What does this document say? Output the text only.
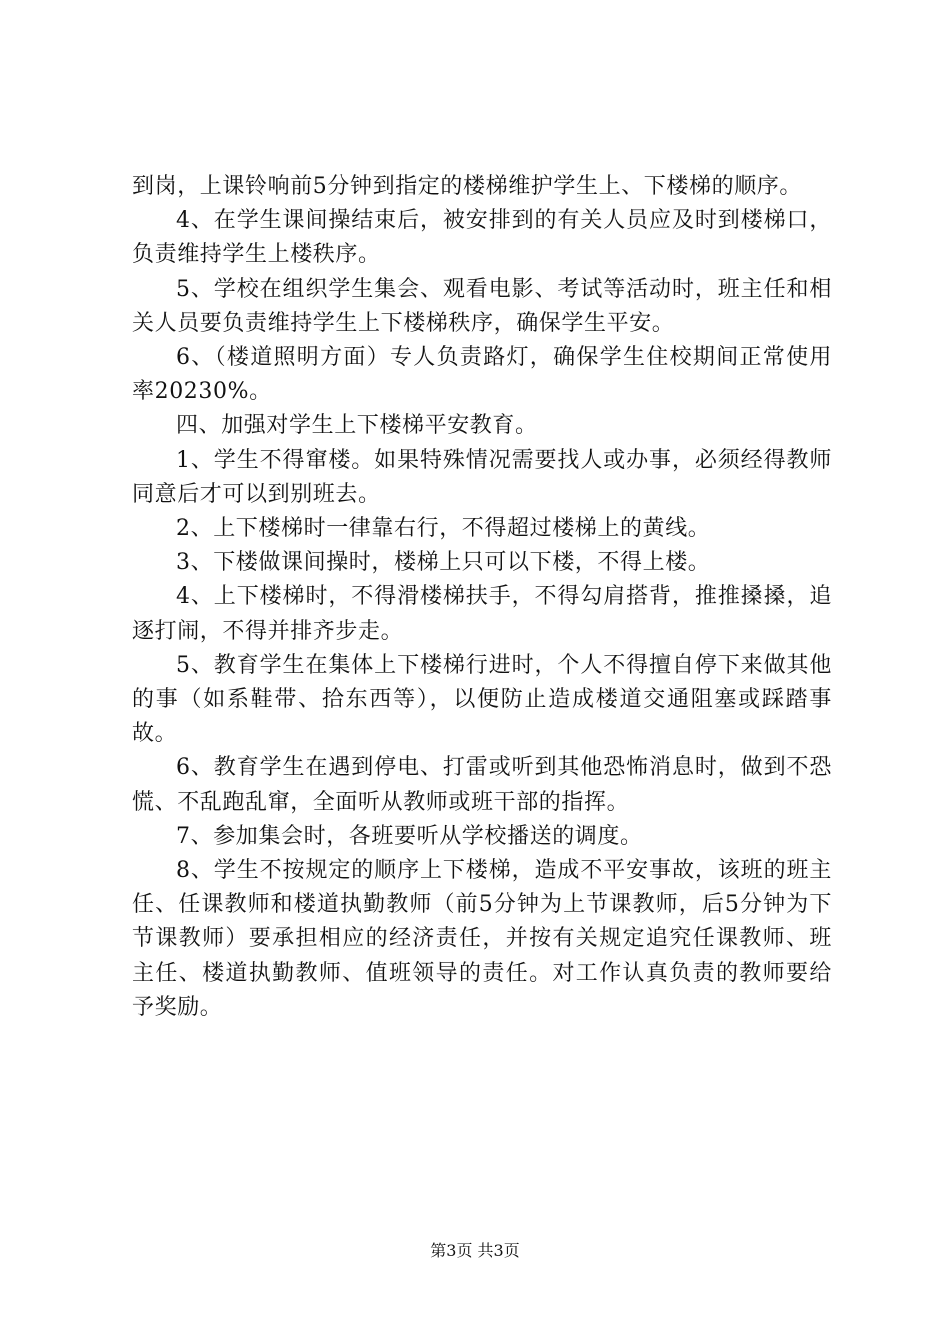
到岗，上课铃响前5分钟到指定的楼梯维护学生上、下楼梯的顺序。

4、在学生课间操结束后，被安排到的有关人员应及时到楼梯口，负责维持学生上楼秩序。

5、学校在组织学生集会、观看电影、考试等活动时，班主任和相关人员要负责维持学生上下楼梯秩序，确保学生平安。

6、（楼道照明方面）专人负责路灯，确保学生住校期间正常使用率20230%。

四、加强对学生上下楼梯平安教育。

1、学生不得窜楼。如果特殊情况需要找人或办事，必须经得教师同意后才可以到别班去。

2、上下楼梯时一律靠右行，不得超过楼梯上的黄线。

3、下楼做课间操时，楼梯上只可以下楼，不得上楼。

4、上下楼梯时，不得滑楼梯扶手，不得勾肩搭背，推推搡搡，追逐打闹，不得并排齐步走。

5、教育学生在集体上下楼梯行进时，个人不得擅自停下来做其他的事（如系鞋带、拾东西等），以便防止造成楼道交通阻塞或踩踏事故。

6、教育学生在遇到停电、打雷或听到其他恐怖消息时，做到不恐慌、不乱跑乱窜，全面听从教师或班干部的指挥。

7、参加集会时，各班要听从学校播送的调度。

8、学生不按规定的顺序上下楼梯，造成不平安事故，该班的班主任、任课教师和楼道执勤教师（前5分钟为上节课教师，后5分钟为下节课教师）要承担相应的经济责任，并按有关规定追究任课教师、班主任、楼道执勤教师、值班领导的责任。对工作认真负责的教师要给予奖励。

第3页 共3页
